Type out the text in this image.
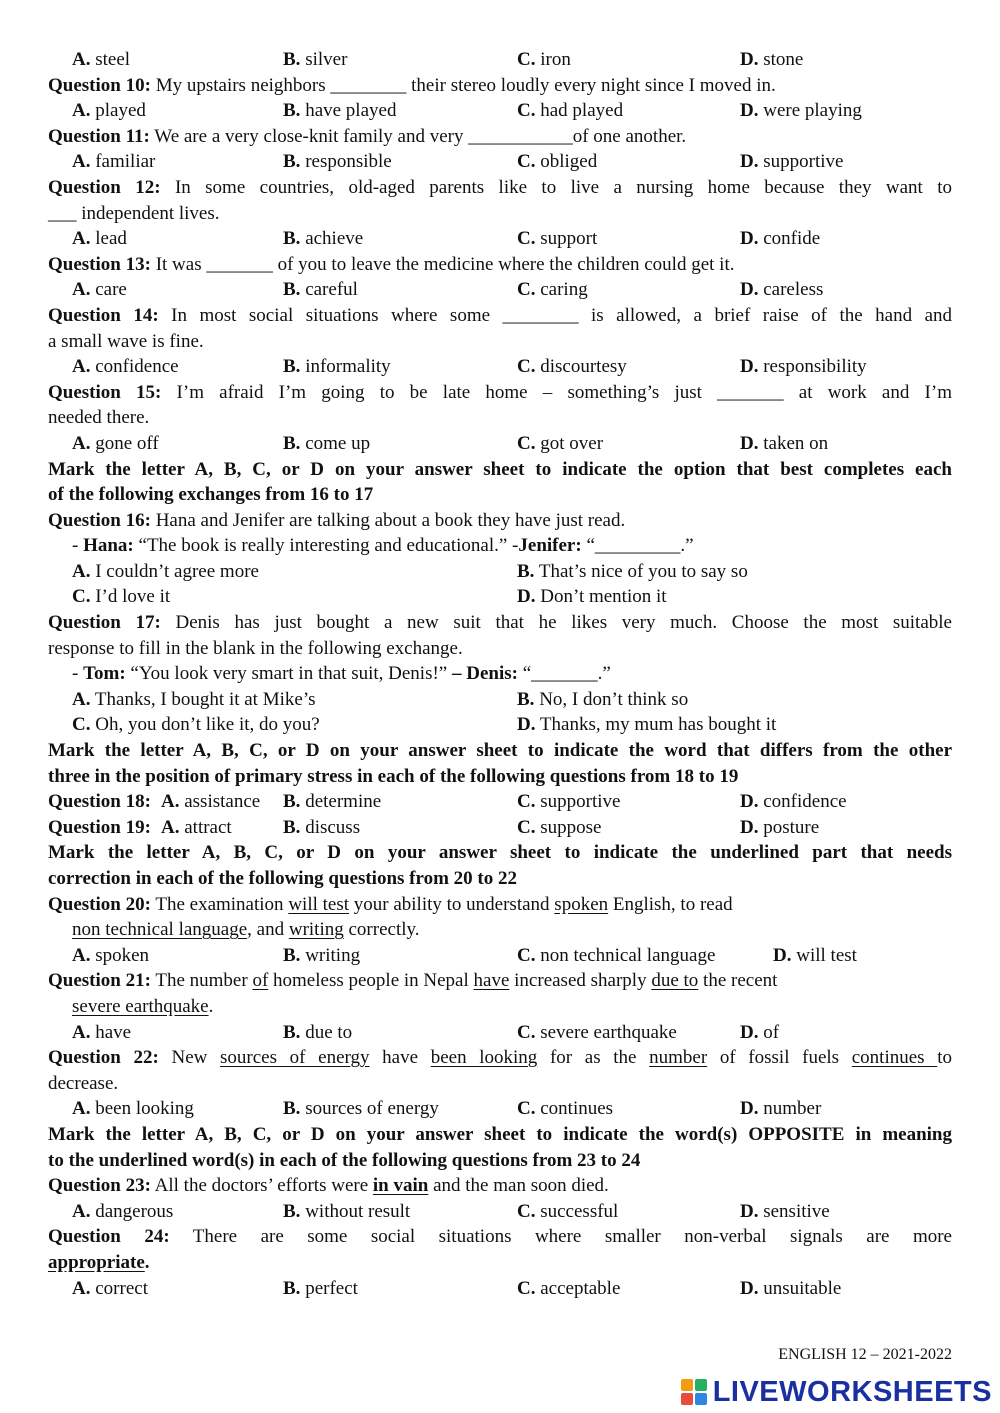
A. steel	B. silver	C. iron	D. stone
Question 10: My upstairs neighbors ________ their stereo loudly every night since I moved in.
A. played	B. have played	C. had played	D. were playing
Question 11: We are a very close-knit family and very ___________of one another.
A. familiar	B. responsible	C. obliged	D. supportive
Question 12: In some countries, old-aged parents like to live a nursing home because they want to
___ independent lives.
A. lead	B. achieve	C. support	D. confide
Question 13: It was _______ of you to leave the medicine where the children could get it.
A. care	B. careful	C. caring	D. careless
Question 14: In most social situations where some ________ is allowed, a brief raise of the hand and
a small wave is fine.
A. confidence	B. informality	C. discourtesy	D. responsibility
Question 15: I’m afraid I’m going to be late home – something’s just _______ at work and I’m
needed there.
A. gone off	B. come up	C. got over	D. taken on
Mark the letter A, B, C, or D on your answer sheet to indicate the option that best completes each
of the following exchanges from 16 to 17
Question 16: Hana and Jenifer are talking about a book they have just read.
- Hana: “The book is really interesting and educational.” -Jenifer: “_________.”
A. I couldn’t agree more	B. That’s nice of you to say so
C. I’d love it	D. Don’t mention it
Question 17: Denis has just bought a new suit that he likes very much. Choose the most suitable
response to fill in the blank in the following exchange.
- Tom: “You look very smart in that suit, Denis!” – Denis: “_______.”
A. Thanks, I bought it at Mike’s	B. No, I don’t think so
C. Oh, you don’t like it, do you?	D. Thanks, my mum has bought it
Mark the letter A, B, C, or D on your answer sheet to indicate the word that differs from the other
three in the position of primary stress in each of the following questions from 18 to 19
Question 18: A. assistance B. determine	C. supportive	D. confidence
Question 19: A. attract	B. discuss	C. suppose	D. posture
Mark the letter A, B, C, or D on your answer sheet to indicate the underlined part that needs
correction in each of the following questions from 20 to 22
Question 20: The examination will test your ability to understand spoken English, to read
non technical language, and writing correctly.
A. spoken	B. writing	C. non technical language	D. will test
Question 21: The number of homeless people in Nepal have increased sharply due to the recent
severe earthquake.
A. have	B. due to	C. severe earthquake	D. of
Question 22: New sources of energy have been looking for as the number of fossil fuels continues to
decrease.
A. been looking	B. sources of energy	C. continues	D. number
Mark the letter A, B, C, or D on your answer sheet to indicate the word(s) OPPOSITE in meaning
to the underlined word(s) in each of the following questions from 23 to 24
Question 23: All the doctors’ efforts were in vain and the man soon died.
A. dangerous	B. without result	C. successful	D. sensitive
Question 24: There are some social situations where smaller non-verbal signals are more
appropriate.
A. correct	B. perfect	C. acceptable	D. unsuitable
ENGLISH 12 – 2021-2022
LIVEWORKSHEETS
